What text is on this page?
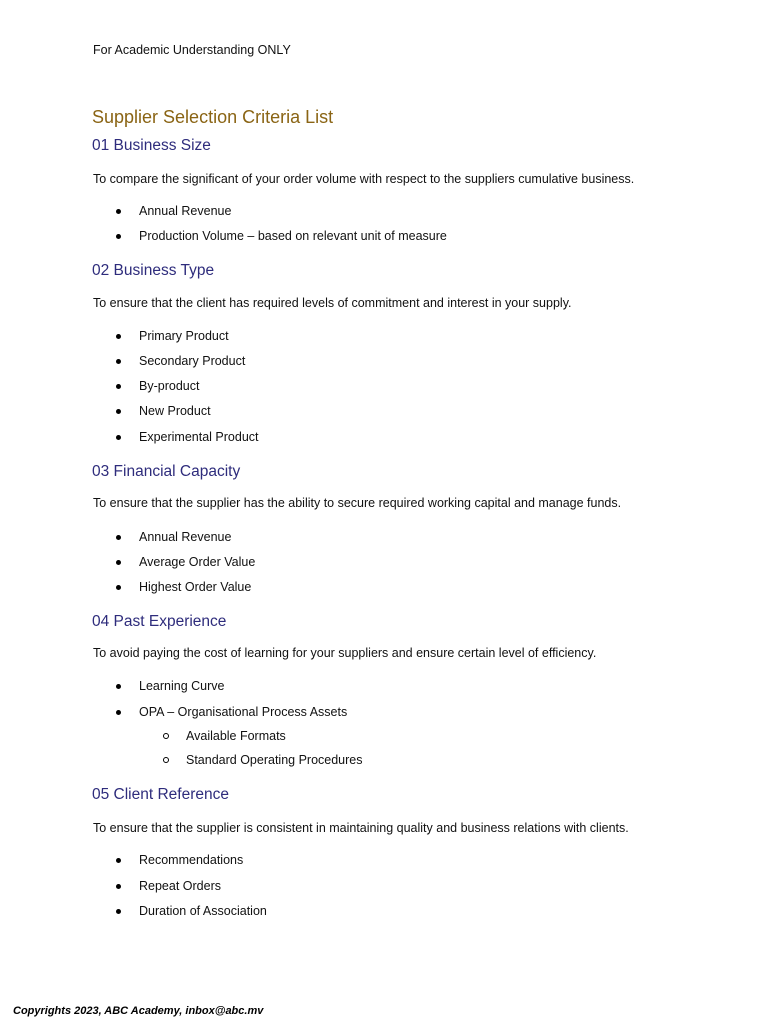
For Academic Understanding ONLY
Supplier Selection Criteria List
01 Business Size
To compare the significant of your order volume with respect to the suppliers cumulative business.
Annual Revenue
Production Volume – based on relevant unit of measure
02 Business Type
To ensure that the client has required levels of commitment and interest in your supply.
Primary Product
Secondary Product
By-product
New Product
Experimental Product
03 Financial Capacity
To ensure that the supplier has the ability to secure required working capital and manage funds.
Annual Revenue
Average Order Value
Highest Order Value
04 Past Experience
To avoid paying the cost of learning for your suppliers and ensure certain level of efficiency.
Learning Curve
OPA – Organisational Process Assets
Available Formats
Standard Operating Procedures
05 Client Reference
To ensure that the supplier is consistent in maintaining quality and business relations with clients.
Recommendations
Repeat Orders
Duration of Association
Copyrights 2023, ABC Academy, inbox@abc.mv
